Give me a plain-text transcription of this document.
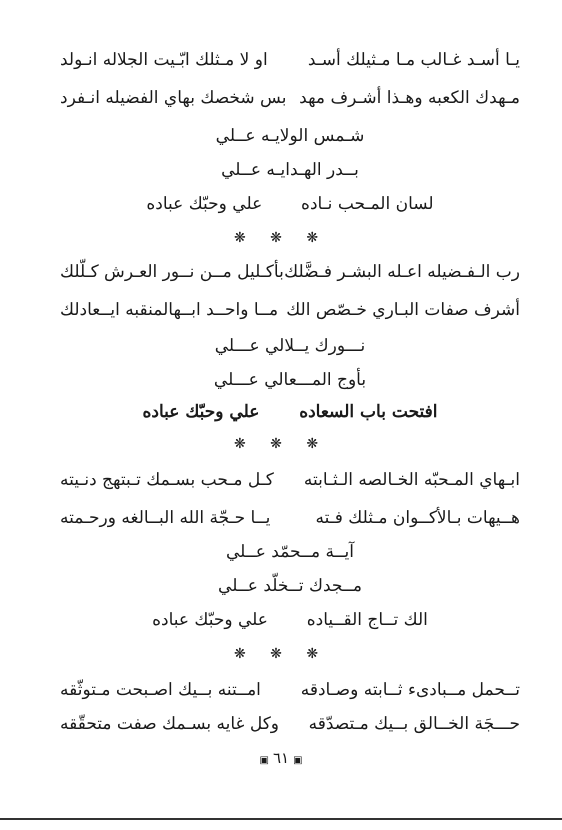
يـا أسـد غـالب مـا مـثيلك أسـد
او لا مـثلك ابّـيت الجلاله انـولد
مـهدك الكعبه وهـذا أشـرف مهد
بس شخصك بهاي الفضيله انـفرد
شـمس الولايـه عــلي
بــدر الهـدايـه عــلي
لسان المـحب نـاده  علي وحبّك عباده
❋ ❋ ❋
رب الـفـضيله اعـله البشـر فـضَّلك
بأكـليل مــن نــور العـرش كـلّلك
أشرف صفات البـاري خـصّص الك
مــا واحــد ابــهالمنقبه ايــعادلك
نـــورك يــلالي عـــلي
بأوج المـــعالي عـــلي
افتحت باب السعاده  علي وحبّك عباده
❋ ❋ ❋
ابـهاي المـحبّه الخـالصه الـثـابته
كـل مـحب بسـمك تـبتهج دنـيته
هــيهات بـالأكــوان مـثلك فـته
يــا حـجّة الله البــالغه ورحـمته
آيــة مــحمّد عــلي
مــجدك تــخلّد عــلي
الك تــاج القــياده  علي وحبّك عباده
❋ ❋ ❋
تــحمل مــبادىء ثــابته وصـادقه
امــتنه بــيك اصـبحت مـتوثّقه
حـــجَة الخــالق بــيك مـتصدّقه
وكل غايه بسـمك صفت متحقّقه
▣ ٦١ ▣
